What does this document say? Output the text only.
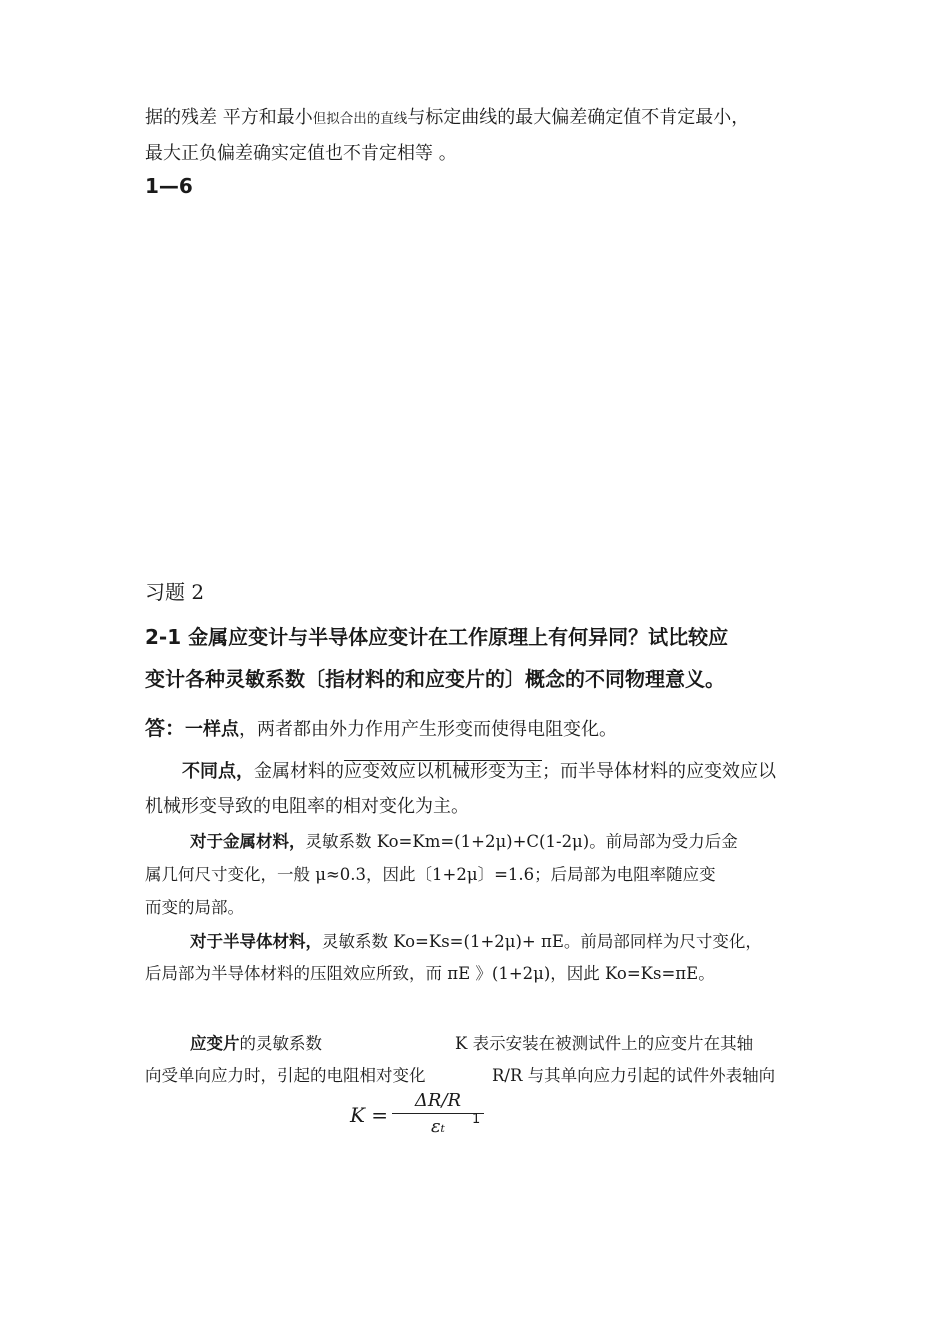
据的残差 平方和最小但拟合出的直线与标定曲线的最大偏差确定值不肯定最小，
最大正负偏差确实定值也不肯定相等 。
1—6
习题 2
2-1 金属应变计与半导体应变计在工作原理上有何异同？试比较应
变计各种灵敏系数〔指材料的和应变片的〕概念的不同物理意义。
答：一样点，两者都由外力作用产生形变而使得电阻变化。
不同点，金属材料的应变效应以机械形变为主；而半导体材料的应变效应以
机械形变导致的电阻率的相对变化为主。
对于金属材料，灵敏系数 Ko=Km=(1+2μ)+C(1-2μ)。前局部为受力后金
属几何尺寸变化，一般 μ≈0.3，因此〔1+2μ〕=1.6；后局部为电阻率随应变
而变的局部。
对于半导体材料，灵敏系数 Ko=Ks=(1+2μ)+ πE。前局部同样为尺寸变化，
后局部为半导体材料的压阻效应所致，而 πE 》(1+2μ)，因此 Ko=Ks=πE。
应变片的灵敏系数	K 表示安装在被测试件上的应变片在其轴
向受单向应力时，引起的电阻相对变化	R/R 与其单向应力引起的试件外表轴向
K =
ΔR/R
εₜ 1
